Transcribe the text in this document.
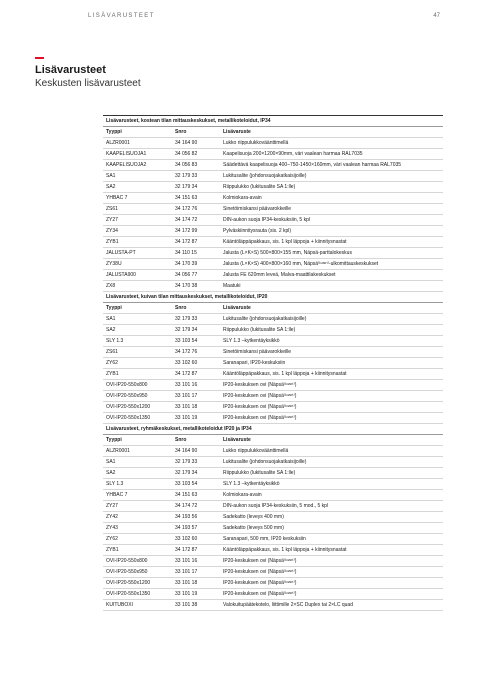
LISÄVARUSTEET	47
Lisävarusteet
Keskusten lisävarusteet
Lisävarusteet, kostean tilan mittauskeskukset, metallikoteloidut, IP34		
Tyyppi	Snro	Lisävaruste
ALZR0001	34 164 90	Lukko riippulukkoväänttimellä
KAAPELISUOJA1	34 056 82	Kaapelisuoja 200×1200×90mm, väri vaalean harmaa RAL7035
KAAPELISUOJA2	34 056 83	Säädettävä kaapelisuoja 400–750-1450×160mm, väri vaalean harmaa RAL7035
SA1	32 179 33	Lukitusalite (johdonsuojakatkaisijoille)
SA2	32 179 34	Riippulukko (lukitusalite SA 1:lle)
YHBAC 7	34 151 63	Kolmiokara-avain
ZS61	34 172 76	Sinetöimiskansi päävarokkeille
ZY27	34 174 72	DIN-aukon suoja IP34-keskuksiin, 5 kpl
ZY34	34 172 99	Pylväskiinnitysrauta (sis. 2 kpl)
ZYB1	34 172 87	Kääntöläppäpakkaus, sis. 1 kpl läppoja + kiinnitysnastat
JALUSTA-PT	34 110 15	Jalusta (L×K×S) 500×800×155 mm, Näpsä-parttalokeskus
ZY38U	34 170 39	Jalusta (L×K×S) 400×800×160 mm, Näpsä⁽ᴵⁿᵛᵉʳᵗ⁾-ulkomittauskeskukset
JALUSTA900	34 056 77	Jalusta FE 620mm leveä, Malva-maattilakeskukset
ZX8	34 170 38	Maatuki
Lisävarusteet, kuivan tilan mittauskeskukset, metallikoteloidut, IP20		
Tyyppi	Snro	Lisävaruste
SA1	32 179 33	Lukitusalite (johdonsuojakatkaisijoille)
SA2	32 179 34	Riippulukko (lukitusalite SA 1:lle)
SLY 1.3	33 103 54	SLY 1.3 –kytkentäyksikkö
ZS61	34 172 76	Sinetöimiskansi päävarokkeille
ZY62	33 102 60	Saranapari, IP20-keskuksiin
ZYB1	34 172 87	Kääntöläppäpakkaus, sis. 1 kpl läppoja + kiinnitysnastat
OVI-IP20-550x800	33 101 16	IP20-keskuksen ovi (Näpsä⁽ᴵⁿᵛᵉʳᵗ⁾)
OVI-IP20-550x950	33 101 17	IP20-keskuksen ovi (Näpsä⁽ᴵⁿᵛᵉʳᵗ⁾)
OVI-IP20-550x1200	33 101 18	IP20-keskuksen ovi (Näpsä⁽ᴵⁿᵛᵉʳᵗ⁾)
OVI-IP20-550x1350	33 101 19	IP20-keskuksen ovi (Näpsä⁽ᴵⁿᵛᵉʳᵗ⁾)
Lisävarusteet, ryhmäkeskukset, metallikoteloidut IP20 ja IP34		
Tyyppi	Snro	Lisävaruste
ALZR0001	34 164 90	Lukko riippulukkoväänttimellä
SA1	32 179 33	Lukitusalite (johdonsuojakatkaisijoille)
SA2	32 179 34	Riippulukko (lukitusalite SA 1:lle)
SLY 1.3	33 103 54	SLY 1.3 –kytkentäyksikkö
YHBAC 7	34 151 63	Kolmiokara-avain
ZY27	34 174 72	DIN-aukon suoja IP34-keskuksiin, 5 mod., 5 kpl
ZY42	34 193 56	Sadekatto (leveys 400 mm)
ZY43	34 193 57	Sadekatto (leveys 500 mm)
ZY62	33 102 60	Saranapari, 500 mm, IP20 keskuksiin
ZYB1	34 172 87	Kääntöläppäpakkaus, sis. 1 kpl läppoja + kiinnitysnastat
OVI-IP20-550x800	33 101 16	IP20-keskuksen ovi (Näpsä⁽ᴵⁿᵛᵉʳᵗ⁾)
OVI-IP20-550x950	33 101 17	IP20-keskuksen ovi (Näpsä⁽ᴵⁿᵛᵉʳᵗ⁾)
OVI-IP20-550x1200	33 101 18	IP20-keskuksen ovi (Näpsä⁽ᴵⁿᵛᵉʳᵗ⁾)
OVI-IP20-550x1350	33 101 19	IP20-keskuksen ovi (Näpsä⁽ᴵⁿᵛᵉʳᵗ⁾)
KUITUBOXI	33 101 38	Valokuitupäätekotelo, liittimille 2×SC Duplex tai 2×LC quad
